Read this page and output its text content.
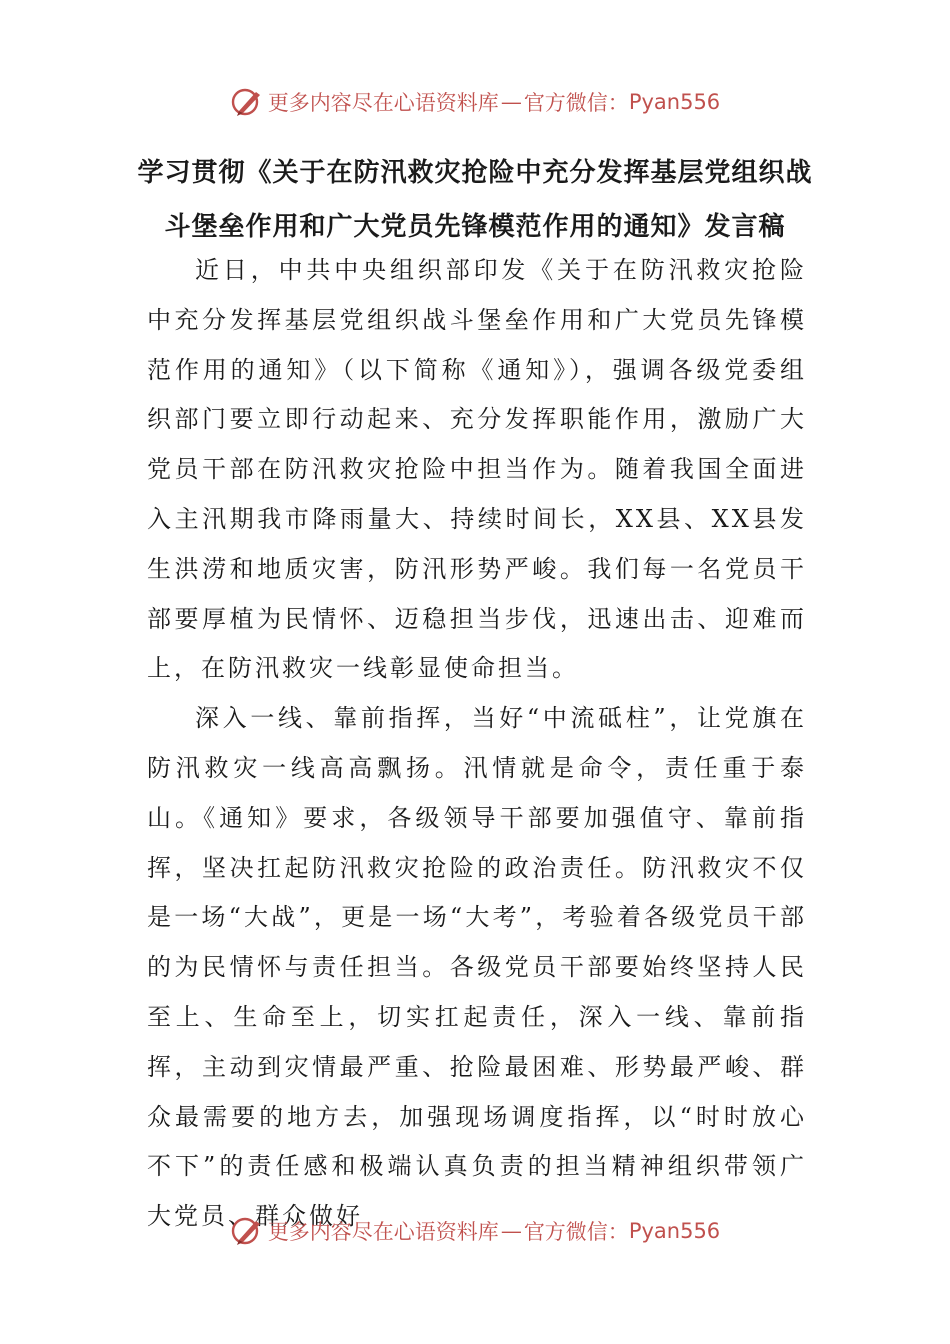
更多内容尽在心语资料库 — 官方微信： Pyan556
学习贯彻《关于在防汛救灾抢险中充分发挥基层党组织战
斗堡垒作用和广大党员先锋模范作用的通知》发言稿

近日，中共中央组织部印发《关于在防汛救灾抢险中充分发挥基层党组织战斗堡垒作用和广大党员先锋模范作用的通知》（以下简称《通知》），强调各级党委组织部门要立即行动起来、充分发挥职能作用，激励广大党员干部在防汛救灾抢险中担当作为。随着我国全面进入主汛期我市降雨量大、持续时间长，XX县、XX县发生洪涝和地质灾害，防汛形势严峻。我们每一名党员干部要厚植为民情怀、迈稳担当步伐，迅速出击、迎难而上，在防汛救灾一线彰显使命担当。

深入一线、靠前指挥，当好“中流砥柱”，让党旗在防汛救灾一线高高飘扬。汛情就是命令，责任重于泰山。《通知》要求，各级领导干部要加强值守、靠前指挥，坚决扛起防汛救灾抢险的政治责任。防汛救灾不仅是一场“大战”，更是一场“大考”，考验着各级党员干部的为民情怀与责任担当。各级党员干部要始终坚持人民至上、生命至上，切实扛起责任，深入一线、靠前指挥，主动到灾情最严重、抢险最困难、形势最严峻、群众最需要的地方去，加强现场调度指挥，以“时时放心不下”的责任感和极端认真负责的担当精神组织带领广大党员、群众做好

更多内容尽在心语资料库 — 官方微信： Pyan556
